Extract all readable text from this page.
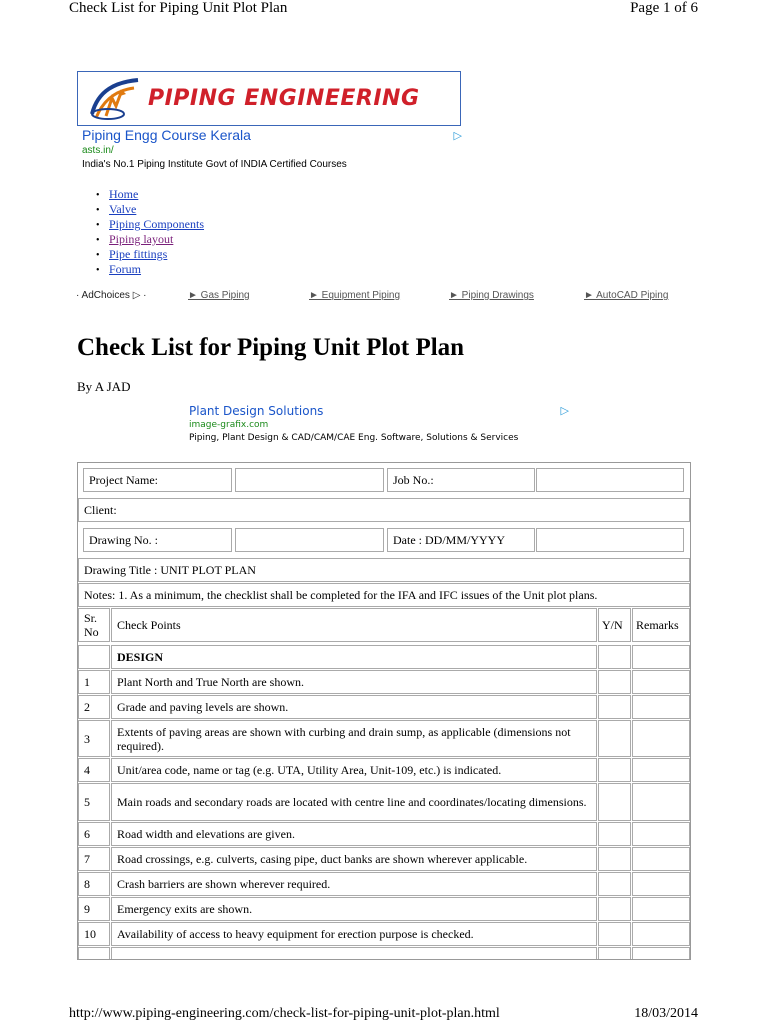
Check List for Piping Unit Plot Plan	Page 1 of 6
PIPING ENGINEERING
Piping Engg Course Kerala
asts.in/
India's No.1 Piping Institute Govt of INDIA Certified Courses
▷
• Home
• Valve
• Piping Components
• Piping layout
• Pipe fittings
• Forum
· AdChoices ▷ ·	► Gas Piping	► Equipment Piping	► Piping Drawings	► AutoCAD Piping
Check List for Piping Unit Plot Plan
By A JAD
Plant Design Solutions
image-grafix.com
Piping, Plant Design & CAD/CAM/CAE Eng. Software, Solutions & Services
▷
Project Name:	Job No.:
Client:
Drawing No. :	Date : DD/MM/YYYY
Drawing Title : UNIT PLOT PLAN
Notes: 1. As a minimum, the checklist shall be completed for the IFA and IFC issues of the Unit plot plans.
Sr. No	Check Points	Y/N	Remarks
DESIGN
1	Plant North and True North are shown.
2	Grade and paving levels are shown.
3	Extents of paving areas are shown with curbing and drain sump, as applicable (dimensions not required).
4	Unit/area code, name or tag (e.g. UTA, Utility Area, Unit-109, etc.) is indicated.
5	Main roads and secondary roads are located with centre line and coordinates/locating dimensions.
6	Road width and elevations are given.
7	Road crossings, e.g. culverts, casing pipe, duct banks are shown wherever applicable.
8	Crash barriers are shown wherever required.
9	Emergency exits are shown.
10	Availability of access to heavy equipment for erection purpose is checked.
http://www.piping-engineering.com/check-list-for-piping-unit-plot-plan.html	18/03/2014
